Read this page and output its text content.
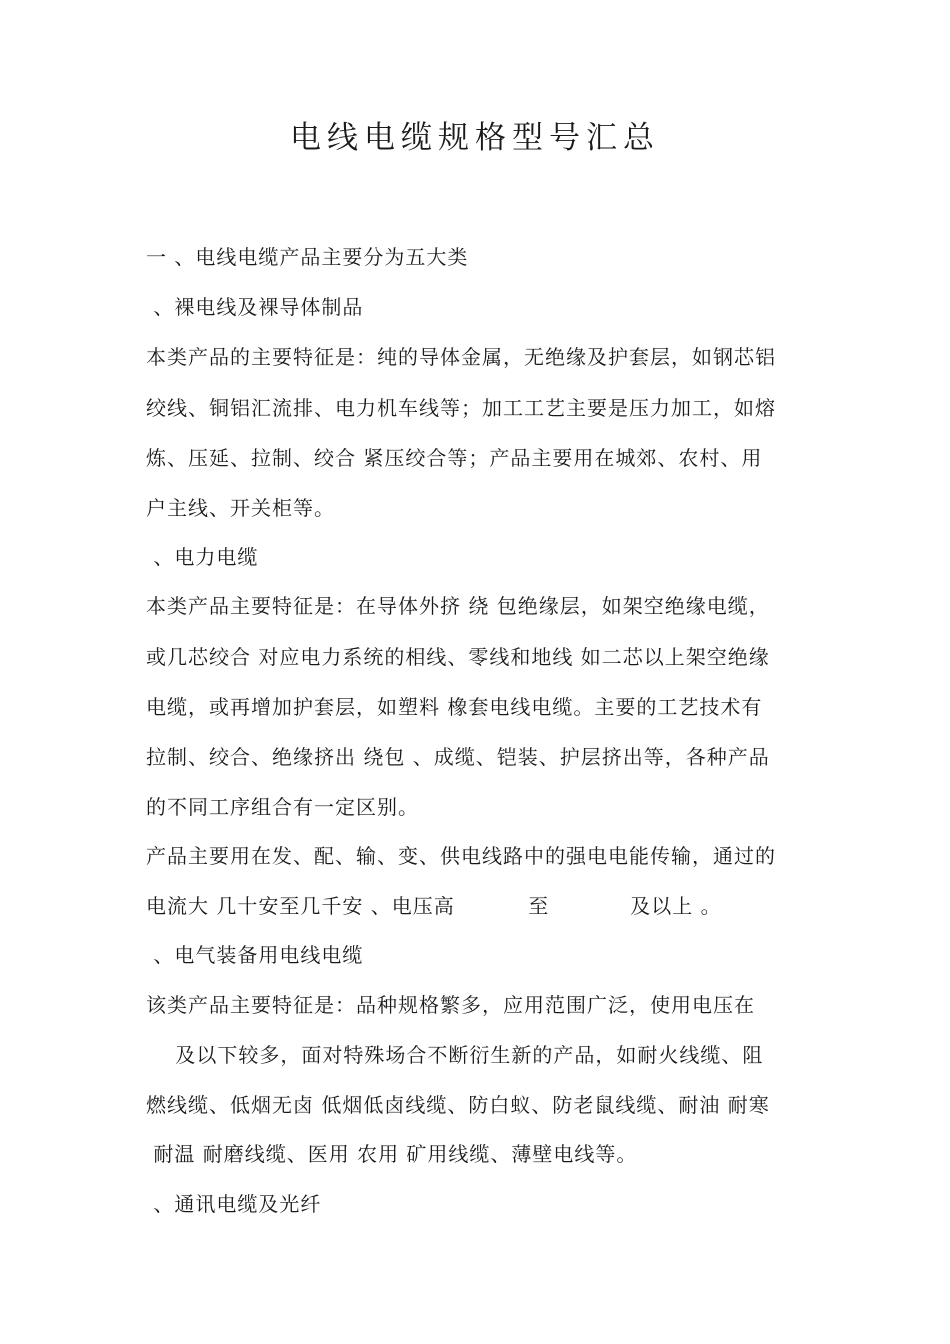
电线电缆规格型号汇总
一 、电线电缆产品主要分为五大类
、裸电线及裸导体制品
本类产品的主要特征是：纯的导体金属，无绝缘及护套层，如钢芯铝
绞线、铜铝汇流排、电力机车线等；加工工艺主要是压力加工，如熔
炼、压延、拉制、绞合 紧压绞合等；产品主要用在城郊、农村、用
户主线、开关柜等。
、电力电缆
本类产品主要特征是：在导体外挤 绕 包绝缘层，如架空绝缘电缆，
或几芯绞合 对应电力系统的相线、零线和地线 如二芯以上架空绝缘
电缆，或再增加护套层，如塑料 橡套电线电缆。主要的工艺技术有
拉制、绞合、绝缘挤出 绕包 、成缆、铠装、护层挤出等，各种产品
的不同工序组合有一定区别。
产品主要用在发、配、输、变、供电线路中的强电电能传输，通过的
电流大 几十安至几千安 、电压高          至           及以上 。
、电气装备用电线电缆
该类产品主要特征是：品种规格繁多，应用范围广泛，使用电压在
及以下较多，面对特殊场合不断衍生新的产品，如耐火线缆、阻
燃线缆、低烟无卤 低烟低卤线缆、防白蚁、防老鼠线缆、耐油 耐寒
耐温 耐磨线缆、医用 农用 矿用线缆、薄壁电线等。
、通讯电缆及光纤
